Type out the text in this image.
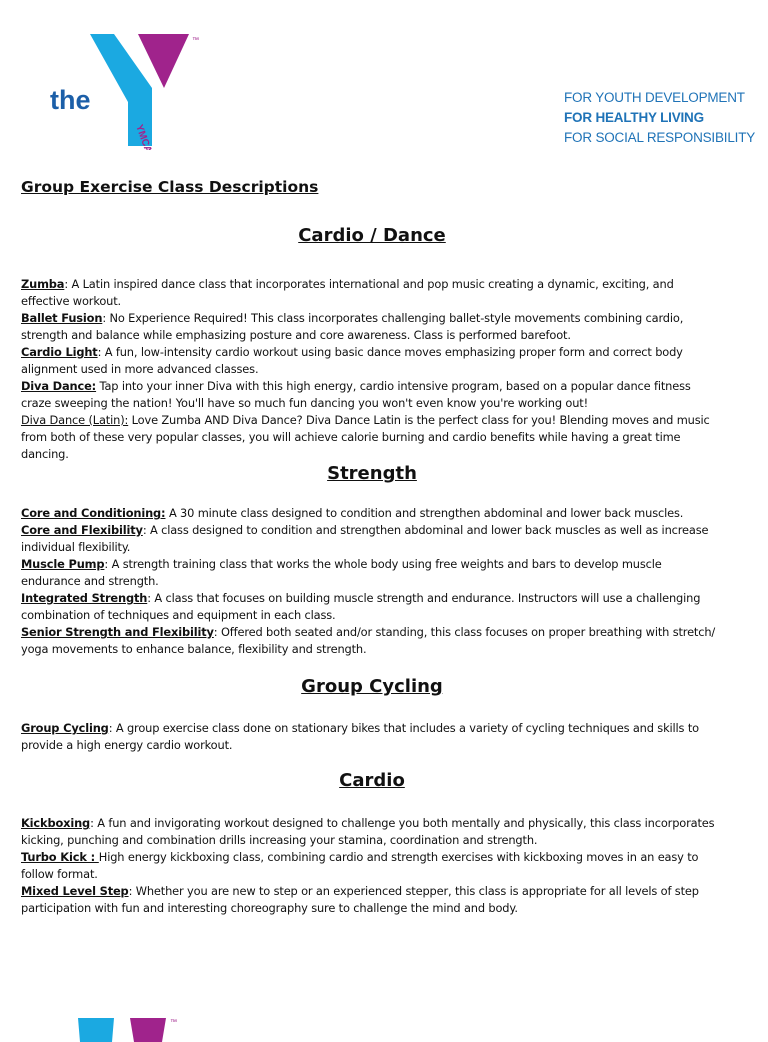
the
YMCA
™
FOR YOUTH DEVELOPMENT
FOR HEALTHY LIVING
FOR SOCIAL RESPONSIBILITY
Group Exercise Class Descriptions
Cardio / Dance

Zumba: A Latin inspired dance class that incorporates international and pop music creating a dynamic, exciting, and effective workout.

Ballet Fusion: No Experience Required! This class incorporates challenging ballet-style movements combining cardio, strength and balance while emphasizing posture and core awareness. Class is performed barefoot.

Cardio Light: A fun, low-intensity cardio workout using basic dance moves emphasizing proper form and correct body alignment used in more advanced classes.

Diva Dance: Tap into your inner Diva with this high energy, cardio intensive program, based on a popular dance fitness craze sweeping the nation! You'll have so much fun dancing you won't even know you're working out!

Diva Dance (Latin): Love Zumba AND Diva Dance? Diva Dance Latin is the perfect class for you! Blending moves and music from both of these very popular classes, you will achieve calorie burning and cardio benefits while having a great time dancing.

Strength

Core and Conditioning: A 30 minute class designed to condition and strengthen abdominal and lower back muscles.

Core and Flexibility: A class designed to condition and strengthen abdominal and lower back muscles as well as increase individual flexibility.

Muscle Pump: A strength training class that works the whole body using free weights and bars to develop muscle endurance and strength.

Integrated Strength: A class that focuses on building muscle strength and endurance. Instructors will use a challenging combination of techniques and equipment in each class.

Senior Strength and Flexibility: Offered both seated and/or standing, this class focuses on proper breathing with stretch/ yoga movements to enhance balance, flexibility and strength.

Group Cycling

Group Cycling: A group exercise class done on stationary bikes that includes a variety of cycling techniques and skills to provide a high energy cardio workout.

Cardio

Kickboxing: A fun and invigorating workout designed to challenge you both mentally and physically, this class incorporates kicking, punching and combination drills increasing your stamina, coordination and strength.

Turbo Kick : High energy kickboxing class, combining cardio and strength exercises with kickboxing moves in an easy to follow format.

Mixed Level Step: Whether you are new to step or an experienced stepper, this class is appropriate for all levels of step participation with fun and interesting choreography sure to challenge the mind and body.

™
